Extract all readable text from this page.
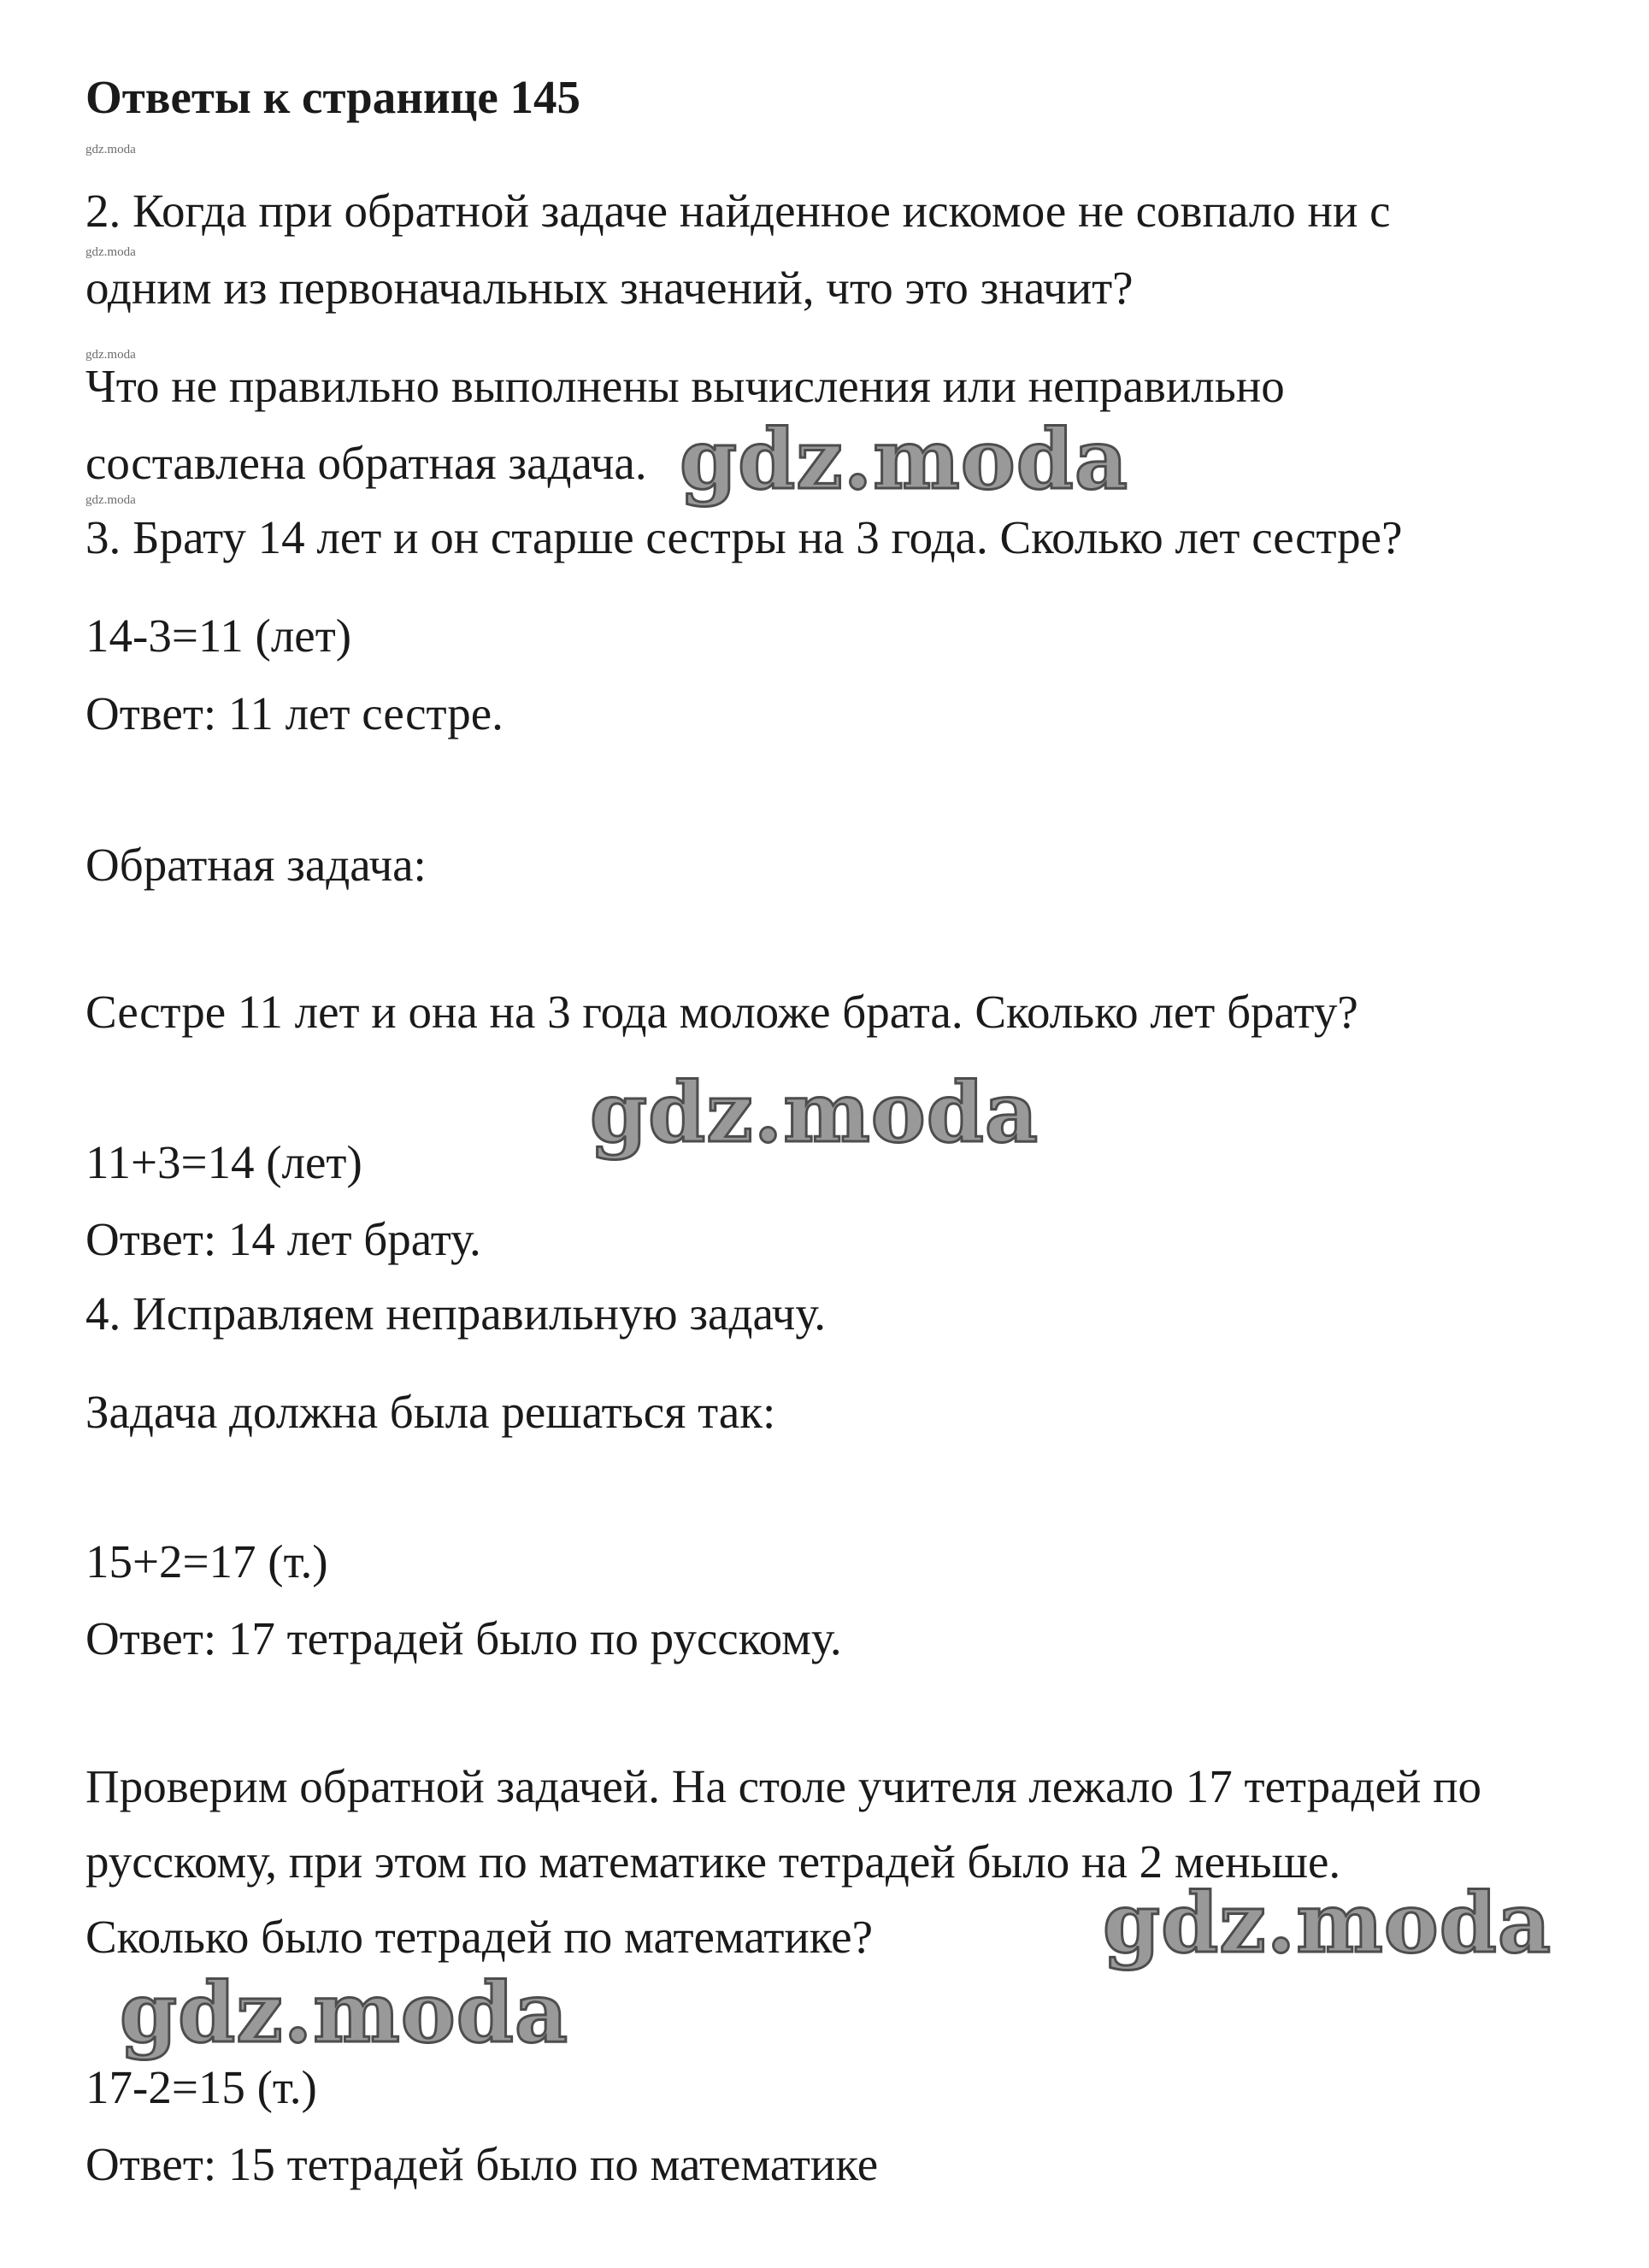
Ответы к странице 145
gdz.moda
gdz.moda
gdz.moda
gdz.moda
2. Когда при обратной задаче найденное искомое не совпало ни с
одним из первоначальных значений, что это значит?
Что не правильно выполнены вычисления или неправильно
составлена обратная задача.
3. Брату 14 лет и он старше сестры на 3 года. Сколько лет сестре?
14-3=11 (лет)
Ответ: 11 лет сестре.
Обратная задача:
Сестре 11 лет и она на 3 года моложе брата. Сколько лет брату?
11+3=14 (лет)
Ответ: 14 лет брату.
4. Исправляем неправильную задачу.
Задача должна была решаться так:
15+2=17 (т.)
Ответ: 17 тетрадей было по русскому.
Проверим обратной задачей. На столе учителя лежало 17 тетрадей по
русскому, при этом по математике тетрадей было на 2 меньше.
Сколько было тетрадей по математике?
17-2=15 (т.)
Ответ: 15 тетрадей было по математике
gdz.moda
gdz.moda
gdz.moda
gdz.moda
